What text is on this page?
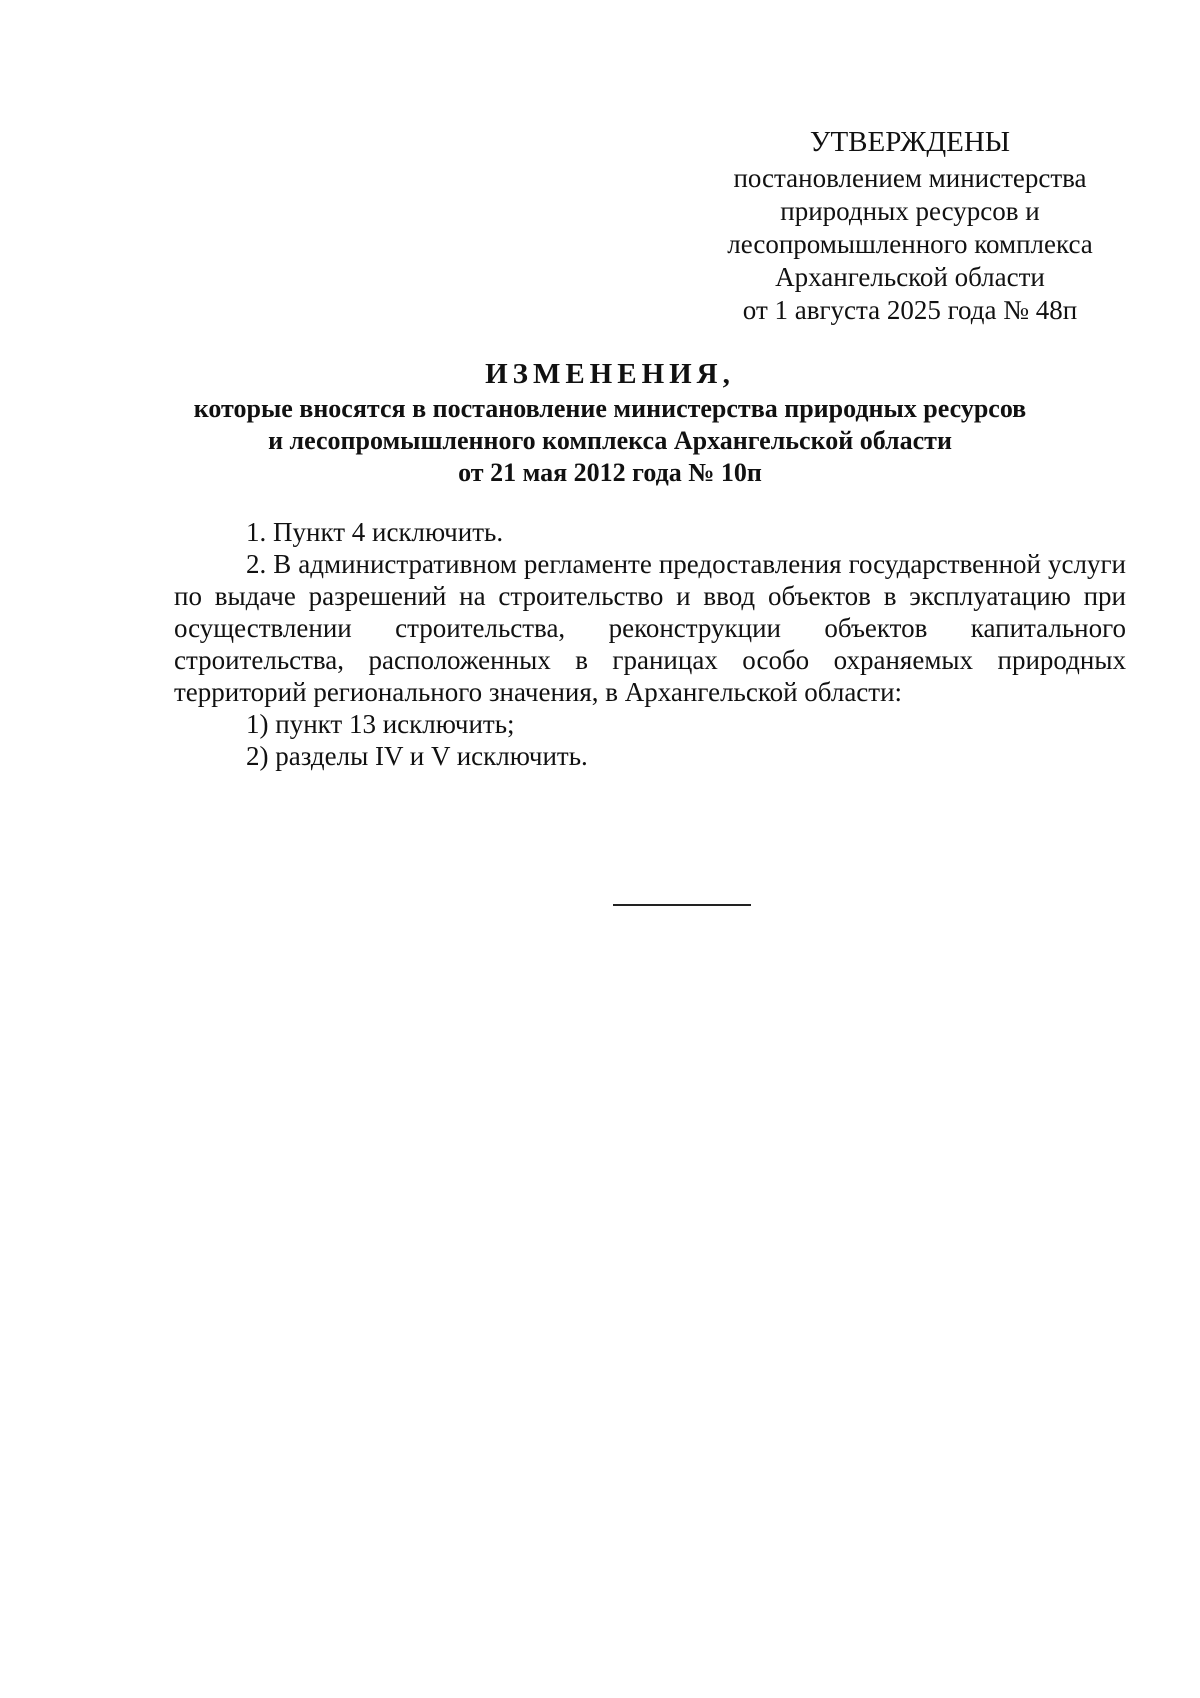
УТВЕРЖДЕНЫ
постановлением министерства
природных ресурсов и
лесопромышленного комплекса
Архангельской области
от 1 августа 2025 года № 48п
ИЗМЕНЕНИЯ,
которые вносятся в постановление министерства природных ресурсов
и лесопромышленного комплекса Архангельской области
от 21 мая 2012 года № 10п
1. Пункт 4 исключить.
2. В административном регламенте предоставления государственной услуги по выдаче разрешений на строительство и ввод объектов в эксплуатацию при осуществлении строительства, реконструкции объектов капитального строительства, расположенных в границах особо охраняемых природных территорий регионального значения, в Архангельской области:
1) пункт 13 исключить;
2) разделы IV и V исключить.
